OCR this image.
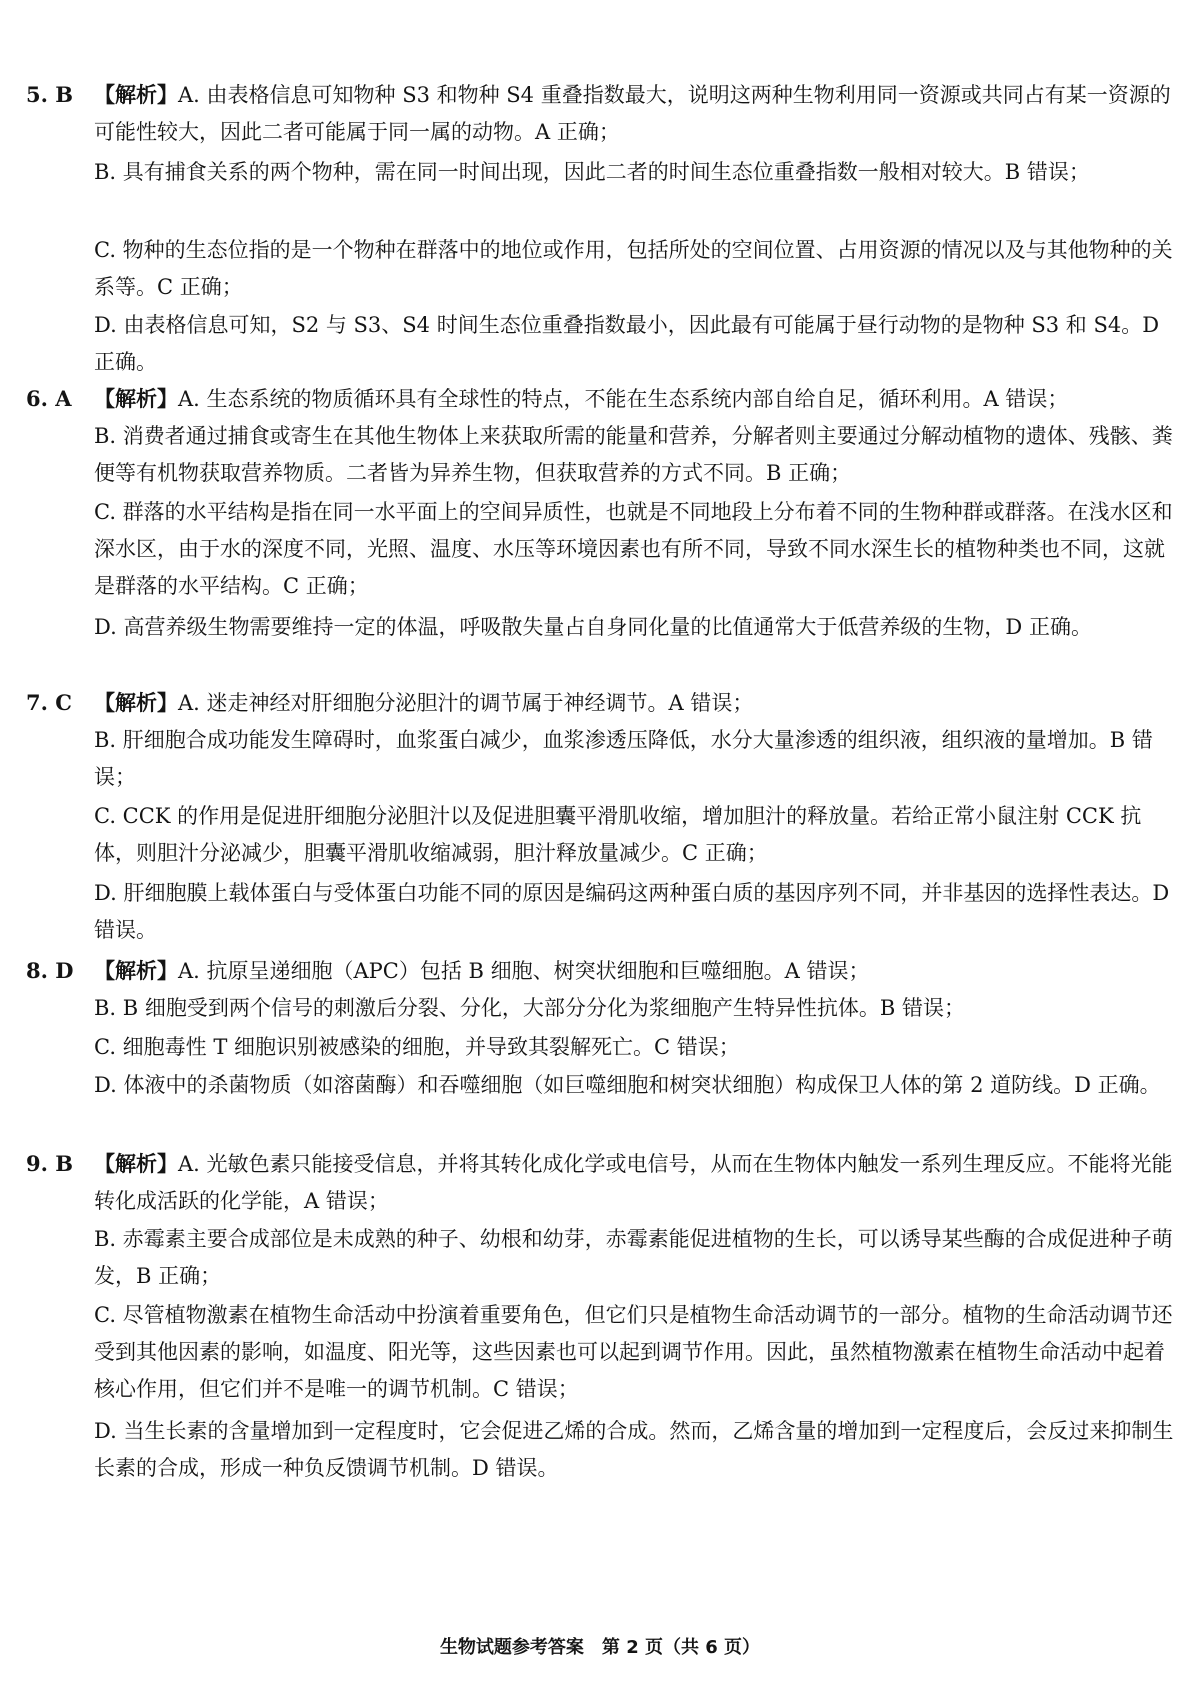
5. B 【解析】A. 由表格信息可知物种 S3 和物种 S4 重叠指数最大，说明这两种生物利用同一资源或共同占有某一资源的可能性较大，因此二者可能属于同一属的动物。A 正确；
B. 具有捕食关系的两个物种，需在同一时间出现，因此二者的时间生态位重叠指数一般相对较大。B 错误；
C. 物种的生态位指的是一个物种在群落中的地位或作用，包括所处的空间位置、占用资源的情况以及与其他物种的关系等。C 正确；
D. 由表格信息可知，S2 与 S3、S4 时间生态位重叠指数最小，因此最有可能属于昼行动物的是物种 S3 和 S4。D 正确。
6. A 【解析】A. 生态系统的物质循环具有全球性的特点，不能在生态系统内部自给自足，循环利用。A 错误；
B. 消费者通过捕食或寄生在其他生物体上来获取所需的能量和营养，分解者则主要通过分解动植物的遗体、残骸、粪便等有机物获取营养物质。二者皆为异养生物，但获取营养的方式不同。B 正确；
C. 群落的水平结构是指在同一水平面上的空间异质性，也就是不同地段上分布着不同的生物种群或群落。在浅水区和深水区，由于水的深度不同，光照、温度、水压等环境因素也有所不同，导致不同水深生长的植物种类也不同，这就是群落的水平结构。C 正确；
D. 高营养级生物需要维持一定的体温，呼吸散失量占自身同化量的比值通常大于低营养级的生物，D 正确。
7. C 【解析】A. 迷走神经对肝细胞分泌胆汁的调节属于神经调节。A 错误；
B. 肝细胞合成功能发生障碍时，血浆蛋白减少，血浆渗透压降低，水分大量渗透的组织液，组织液的量增加。B 错误；
C. CCK 的作用是促进肝细胞分泌胆汁以及促进胆囊平滑肌收缩，增加胆汁的释放量。若给正常小鼠注射 CCK 抗体，则胆汁分泌减少，胆囊平滑肌收缩减弱，胆汁释放量减少。C 正确；
D. 肝细胞膜上载体蛋白与受体蛋白功能不同的原因是编码这两种蛋白质的基因序列不同，并非基因的选择性表达。D 错误。
8. D 【解析】A. 抗原呈递细胞（APC）包括 B 细胞、树突状细胞和巨噬细胞。A 错误；
B. B 细胞受到两个信号的刺激后分裂、分化，大部分分化为浆细胞产生特异性抗体。B 错误；
C. 细胞毒性 T 细胞识别被感染的细胞，并导致其裂解死亡。C 错误；
D. 体液中的杀菌物质（如溶菌酶）和吞噬细胞（如巨噬细胞和树突状细胞）构成保卫人体的第 2 道防线。D 正确。
9. B 【解析】A. 光敏色素只能接受信息，并将其转化成化学或电信号，从而在生物体内触发一系列生理反应。不能将光能转化成活跃的化学能，A 错误；
B. 赤霉素主要合成部位是未成熟的种子、幼根和幼芽，赤霉素能促进植物的生长，可以诱导某些酶的合成促进种子萌发，B 正确；
C. 尽管植物激素在植物生命活动中扮演着重要角色，但它们只是植物生命活动调节的一部分。植物的生命活动调节还受到其他因素的影响，如温度、阳光等，这些因素也可以起到调节作用。因此，虽然植物激素在植物生命活动中起着核心作用，但它们并不是唯一的调节机制。C 错误；
D. 当生长素的含量增加到一定程度时，它会促进乙烯的合成。然而，乙烯含量的增加到一定程度后，会反过来抑制生长素的合成，形成一种负反馈调节机制。D 错误。
生物试题参考答案　第 2 页（共 6 页）
